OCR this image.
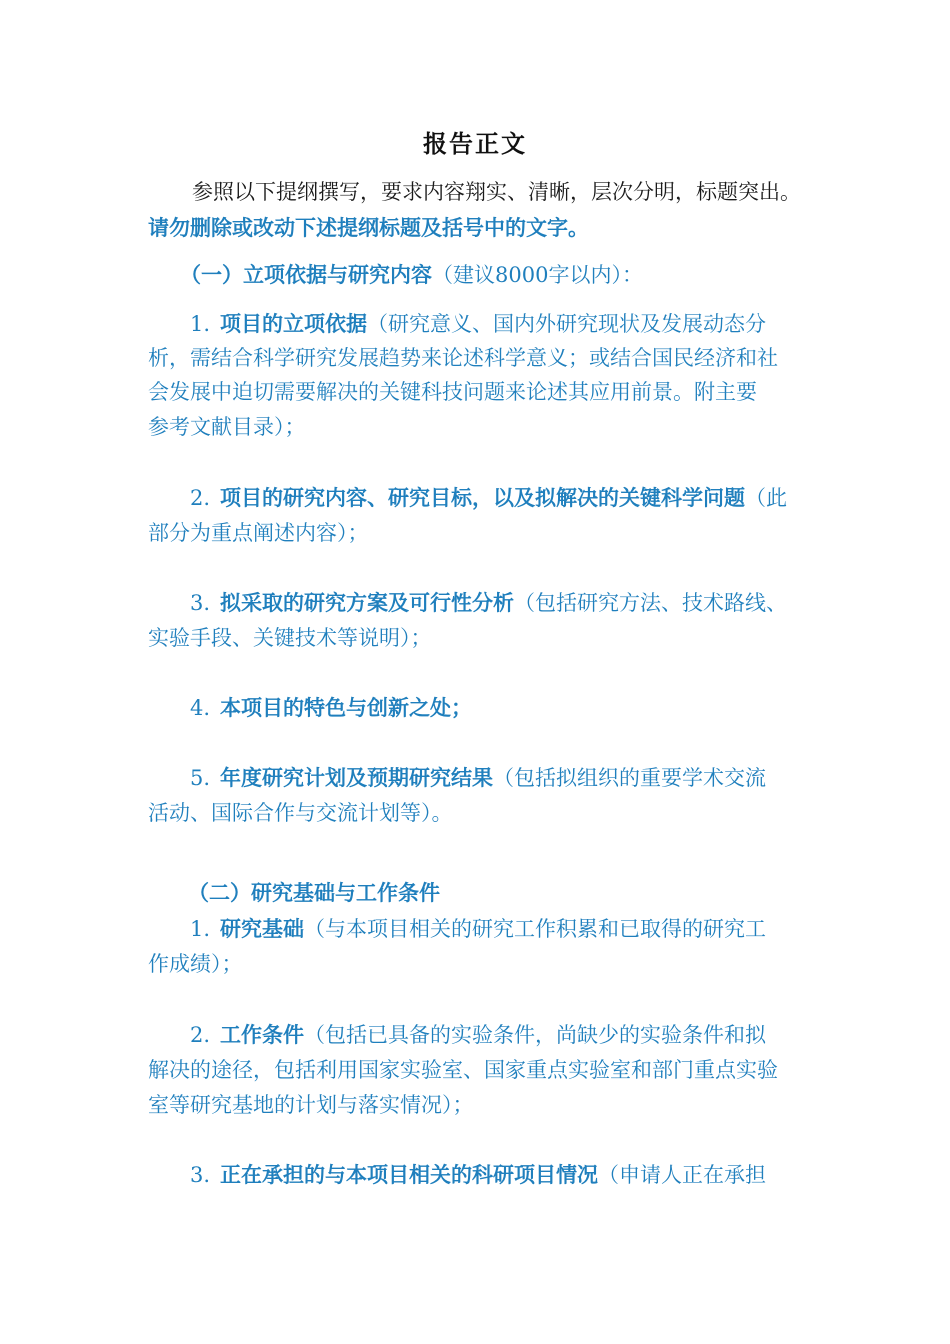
报告正文
参照以下提纲撰写，要求内容翔实、清晰，层次分明，标题突出。
请勿删除或改动下述提纲标题及括号中的文字。
（一）立项依据与研究内容（建议8000字以内）：
1. 项目的立项依据（研究意义、国内外研究现状及发展动态分
析，需结合科学研究发展趋势来论述科学意义；或结合国民经济和社
会发展中迫切需要解决的关键科技问题来论述其应用前景。附主要
参考文献目录）；
2. 项目的研究内容、研究目标，以及拟解决的关键科学问题（此
部分为重点阐述内容）；
3. 拟采取的研究方案及可行性分析（包括研究方法、技术路线、
实验手段、关键技术等说明）；
4. 本项目的特色与创新之处；
5. 年度研究计划及预期研究结果（包括拟组织的重要学术交流
活动、国际合作与交流计划等）。
（二）研究基础与工作条件
1. 研究基础（与本项目相关的研究工作积累和已取得的研究工
作成绩）；
2. 工作条件（包括已具备的实验条件，尚缺少的实验条件和拟
解决的途径，包括利用国家实验室、国家重点实验室和部门重点实验
室等研究基地的计划与落实情况）；
3. 正在承担的与本项目相关的科研项目情况（申请人正在承担
